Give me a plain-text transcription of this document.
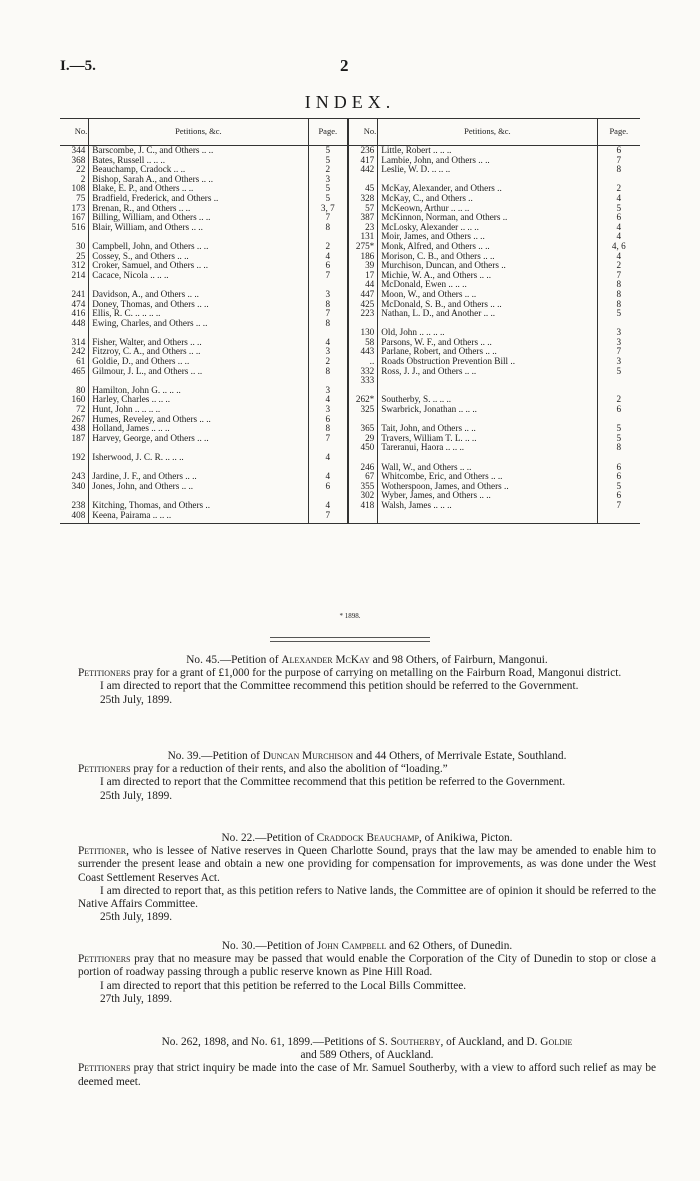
I.—5.	2
INDEX.
No.	Petitions, &c.	Page.	No.	Petitions, &c.	Page.
344	Barscombe, J. C., and Others .. ..	5	236	Little, Robert .. .. ..	6
368	Bates, Russell .. .. ..	5	417	Lambie, John, and Others .. ..	7
22	Beauchamp, Cradock .. ..	2	442	Leslie, W. D. .. .. ..	8
2	Bishop, Sarah A., and Others .. ..	3			
108	Blake, E. P., and Others .. ..	5	45	McKay, Alexander, and Others ..	2
75	Bradfield, Frederick, and Others ..	5	328	McKay, C., and Others ..	4
173	Brenan, R., and Others .. ..	3, 7	57	McKeown, Arthur .. .. ..	5
167	Billing, William, and Others .. ..	7	387	McKinnon, Norman, and Others ..	6
516	Blair, William, and Others .. ..	8	23	McLosky, Alexander .. .. ..	4
			131	Moir, James, and Others .. ..	4
30	Campbell, John, and Others .. ..	2	275*	Monk, Alfred, and Others .. ..	4, 6
25	Cossey, S., and Others .. ..	4	186	Morison, C. B., and Others .. ..	4
312	Croker, Samuel, and Others .. ..	6	39	Murchison, Duncan, and Others ..	2
214	Cacace, Nicola .. .. ..	7	17	Michie, W. A., and Others .. ..	7
			44	McDonald, Ewen .. .. ..	8
241	Davidson, A., and Others .. ..	3	447	Moon, W., and Others .. ..	8
474	Doney, Thomas, and Others .. ..	8	425	McDonald, S. B., and Others .. ..	8

416	Ellis, R. C. .. .. .. ..	7	223	Nathan, L. D., and Another .. ..	5
448	Ewing, Charles, and Others .. ..	8			
			130	Old, John .. .. .. ..	3
314	Fisher, Walter, and Others .. ..	4	58	Parsons, W. F., and Others .. ..	3
242	Fitzroy, C. A., and Others .. ..	3	443	Parlane, Robert, and Others .. ..	7

61	Goldie, D., and Others .. ..	2	..	Roads Obstruction Prevention Bill ..	3
465	Gilmour, J. L., and Others .. ..	8	332	Ross, J. J., and Others .. ..	5
			333		
80	Hamilton, John G. .. .. ..	3			
160	Harley, Charles .. .. ..	4	262*	Southerby, S. .. .. ..	2
72	Hunt, John .. .. .. ..	3	325	Swarbrick, Jonathan .. .. ..	6
267	Humes, Reveley, and Others .. ..	6			
438	Holland, James .. .. ..	8	365	Tait, John, and Others .. ..	5
187	Harvey, George, and Others .. ..	7	29	Travers, William T. L. .. ..	5
			450	Tareranui, Haora .. .. ..	8
192	Isherwood, J. C. R. .. .. ..	4			
			246	Wall, W., and Others .. ..	6
243	Jardine, J. F., and Others .. ..	4	67	Whitcombe, Eric, and Others .. ..	6
340	Jones, John, and Others .. ..	6	355	Wotherspoon, James, and Others ..	5
			302	Wyber, James, and Others .. ..	6
238	Kitching, Thomas, and Others ..	4	418	Walsh, James .. .. ..	7
408	Keena, Pairama .. .. ..	7			
* 1898.

No. 45.—Petition of Alexander McKay and 98 Others, of Fairburn, Mangonui.

Petitioners pray for a grant of £1,000 for the purpose of carrying on metalling on the Fairburn Road, Mangonui district.

I am directed to report that the Committee recommend this petition should be referred to the Government.

25th July, 1899.

No. 39.—Petition of Duncan Murchison and 44 Others, of Merrivale Estate, Southland.

Petitioners pray for a reduction of their rents, and also the abolition of “loading.”

I am directed to report that the Committee recommend that this petition be referred to the Government.

25th July, 1899.

No. 22.—Petition of Craddock Beauchamp, of Anikiwa, Picton.

Petitioner, who is lessee of Native reserves in Queen Charlotte Sound, prays that the law may be amended to enable him to surrender the present lease and obtain a new one providing for compensation for improvements, as was done under the West Coast Settlement Reserves Act.

I am directed to report that, as this petition refers to Native lands, the Committee are of opinion it should be referred to the Native Affairs Committee.

25th July, 1899.

No. 30.—Petition of John Campbell and 62 Others, of Dunedin.

Petitioners pray that no measure may be passed that would enable the Corporation of the City of Dunedin to stop or close a portion of roadway passing through a public reserve known as Pine Hill Road.

I am directed to report that this petition be referred to the Local Bills Committee.

27th July, 1899.

No. 262, 1898, and No. 61, 1899.—Petitions of S. Southerby, of Auckland, and D. Goldie

and 589 Others, of Auckland.

Petitioners pray that strict inquiry be made into the case of Mr. Samuel Southerby, with a view to afford such relief as may be deemed meet.
